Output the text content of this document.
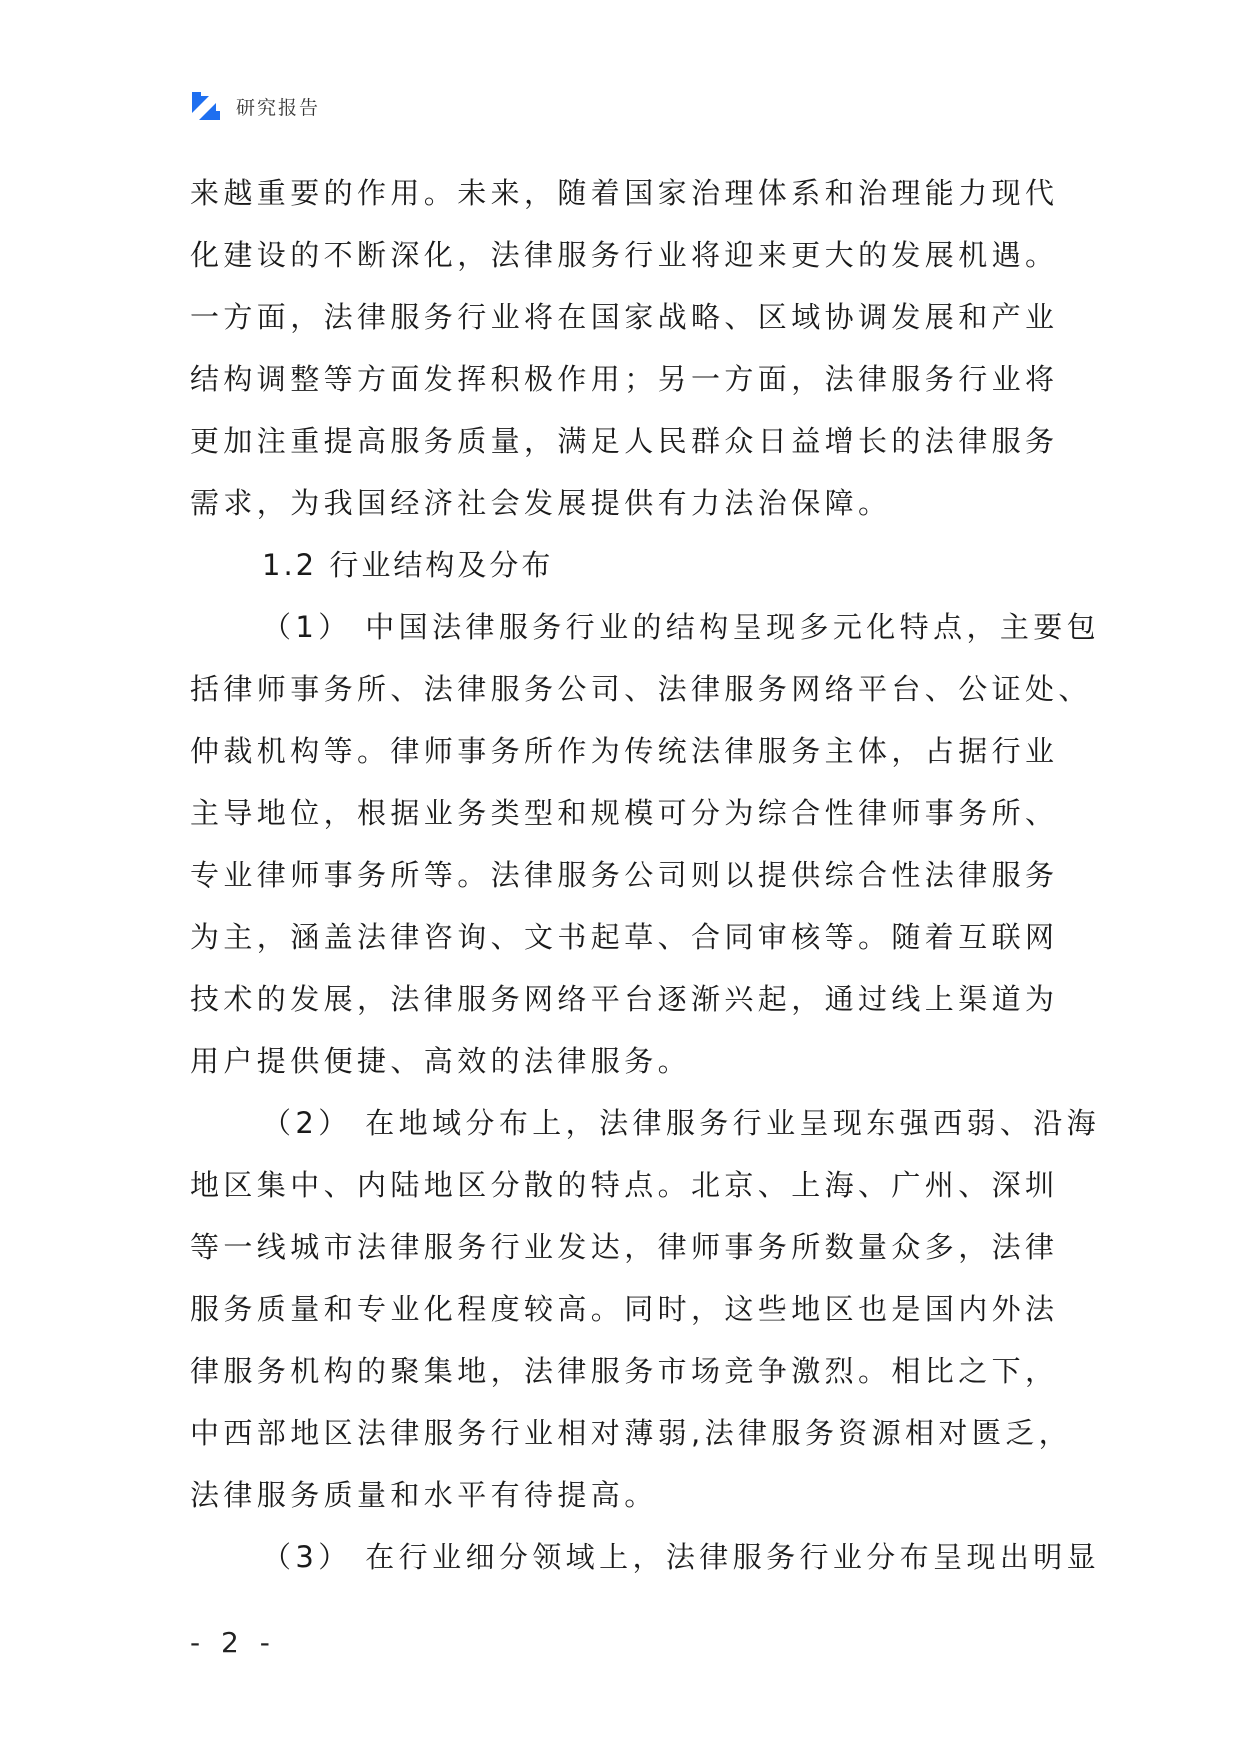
研究报告
来越重要的作用。未来，随着国家治理体系和治理能力现代
化建设的不断深化，法律服务行业将迎来更大的发展机遇。
一方面，法律服务行业将在国家战略、区域协调发展和产业
结构调整等方面发挥积极作用；另一方面，法律服务行业将
更加注重提高服务质量，满足人民群众日益增长的法律服务
需求，为我国经济社会发展提供有力法治保障。
1.2 行业结构及分布
（1） 中国法律服务行业的结构呈现多元化特点，主要包
括律师事务所、法律服务公司、法律服务网络平台、公证处、
仲裁机构等。律师事务所作为传统法律服务主体，占据行业
主导地位，根据业务类型和规模可分为综合性律师事务所、
专业律师事务所等。法律服务公司则以提供综合性法律服务
为主，涵盖法律咨询、文书起草、合同审核等。随着互联网
技术的发展，法律服务网络平台逐渐兴起，通过线上渠道为
用户提供便捷、高效的法律服务。
（2） 在地域分布上，法律服务行业呈现东强西弱、沿海
地区集中、内陆地区分散的特点。北京、上海、广州、深圳
等一线城市法律服务行业发达，律师事务所数量众多，法律
服务质量和专业化程度较高。同时，这些地区也是国内外法
律服务机构的聚集地，法律服务市场竞争激烈。相比之下，
中西部地区法律服务行业相对薄弱,法律服务资源相对匮乏，
法律服务质量和水平有待提高。
（3） 在行业细分领域上，法律服务行业分布呈现出明显
- 2 -
